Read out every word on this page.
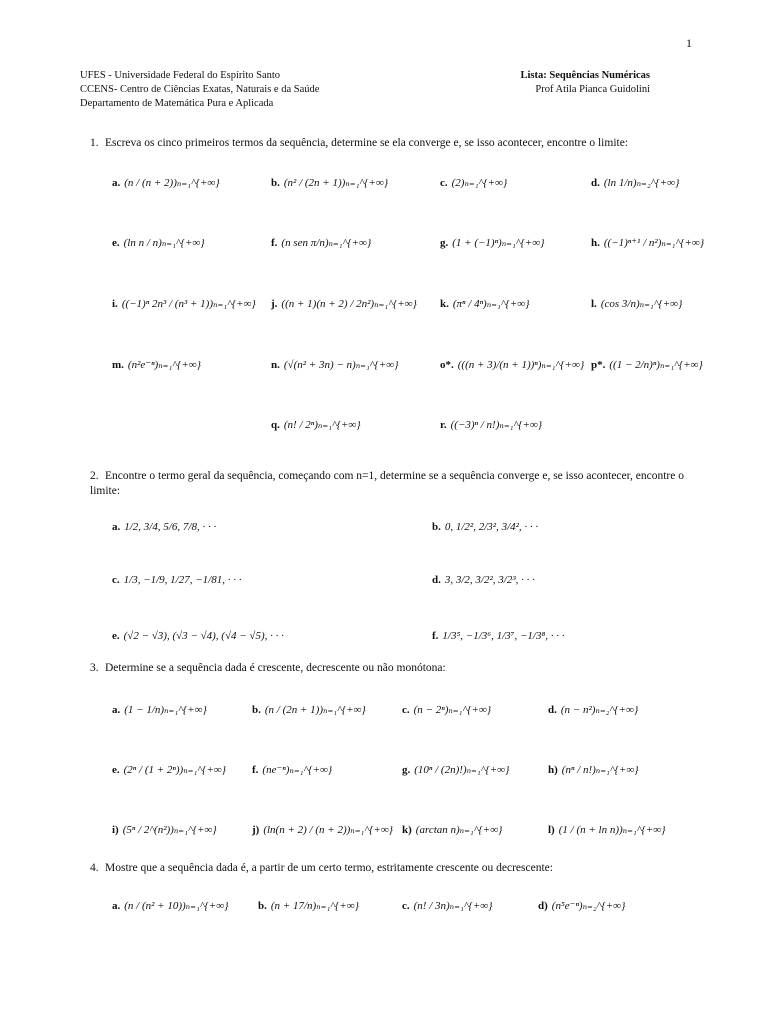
1
UFES - Universidade Federal do Espírito Santo
CCENS- Centro de Ciências Exatas, Naturais e da Saúde
Departamento de Matemática Pura e Aplicada
Lista: Sequências Numéricas
Prof Atila Pianca Guidolini
1. Escreva os cinco primeiros termos da sequência, determine se ela converge e, se isso acontecer, encontre o limite:
a. (n / (n + 2))ₙ₌₁^{+∞}	b. (n² / (2n + 1))ₙ₌₁^{+∞}	c. (2)ₙ₌₁^{+∞}	d. (ln 1/n)ₙ₌₂^{+∞}
e. (ln n / n)ₙ₌₁^{+∞}	f. (n sen π/n)ₙ₌₁^{+∞}	g. (1 + (−1)ⁿ)ₙ₌₁^{+∞}	h. ((−1)ⁿ⁺¹ / n²)ₙ₌₁^{+∞}
i. ((−1)ⁿ 2n³ / (n³ + 1))ₙ₌₁^{+∞} j. ((n + 1)(n + 2) / 2n²)ₙ₌₁^{+∞} k. (πⁿ / 4ⁿ)ₙ₌₁^{+∞}	l. (cos 3/n)ₙ₌₁^{+∞}
m. (n²e⁻ⁿ)ₙ₌₁^{+∞}	n. (√(n² + 3n) − n)ₙ₌₁^{+∞}	o*. (((n + 3)/(n + 1))ⁿ)ₙ₌₁^{+∞} p*. ((1 − 2/n)ⁿ)ₙ₌₁^{+∞}
q. (n! / 2ⁿ)ₙ₌₁^{+∞}	r. ((−3)ⁿ / n!)ₙ₌₁^{+∞}
2. Encontre o termo geral da sequência, começando com n=1, determine se a sequência converge e, se isso acontecer, encontre o limite:
a. 1/2, 3/4, 5/6, 7/8, · · ·	b. 0, 1/2², 2/3², 3/4², · · ·
c. 1/3, −1/9, 1/27, −1/81, · · ·	d. 3, 3/2, 3/2², 3/2³, · · ·
e. (√2 − √3), (√3 − √4), (√4 − √5), · · ·	f. 1/3⁵, −1/3⁶, 1/3⁷, −1/3⁸, · · ·
3. Determine se a sequência dada é crescente, decrescente ou não monótona:
a. (1 − 1/n)ₙ₌₁^{+∞}	b. (n / (2n + 1))ₙ₌₁^{+∞}	c. (n − 2ⁿ)ₙ₌₁^{+∞}	d. (n − n²)ₙ₌₂^{+∞}
e. (2ⁿ / (1 + 2ⁿ))ₙ₌₁^{+∞} f. (ne⁻ⁿ)ₙ₌₁^{+∞}	g. (10ⁿ / (2n)!)ₙ₌₁^{+∞}	h) (nⁿ / n!)ₙ₌₁^{+∞}
i) (5ⁿ / 2^(n²))ₙ₌₁^{+∞}	j) (ln(n + 2) / (n + 2))ₙ₌₁^{+∞} k) (arctan n)ₙ₌₁^{+∞}	l) (1 / (n + ln n))ₙ₌₁^{+∞}
4. Mostre que a sequência dada é, a partir de um certo termo, estritamente crescente ou decrescente:
a. (n / (n² + 10))ₙ₌₁^{+∞}	b. (n + 17/n)ₙ₌₁^{+∞}	c. (n! / 3n)ₙ₌₁^{+∞}	d) (n⁵e⁻ⁿ)ₙ₌₂^{+∞}
